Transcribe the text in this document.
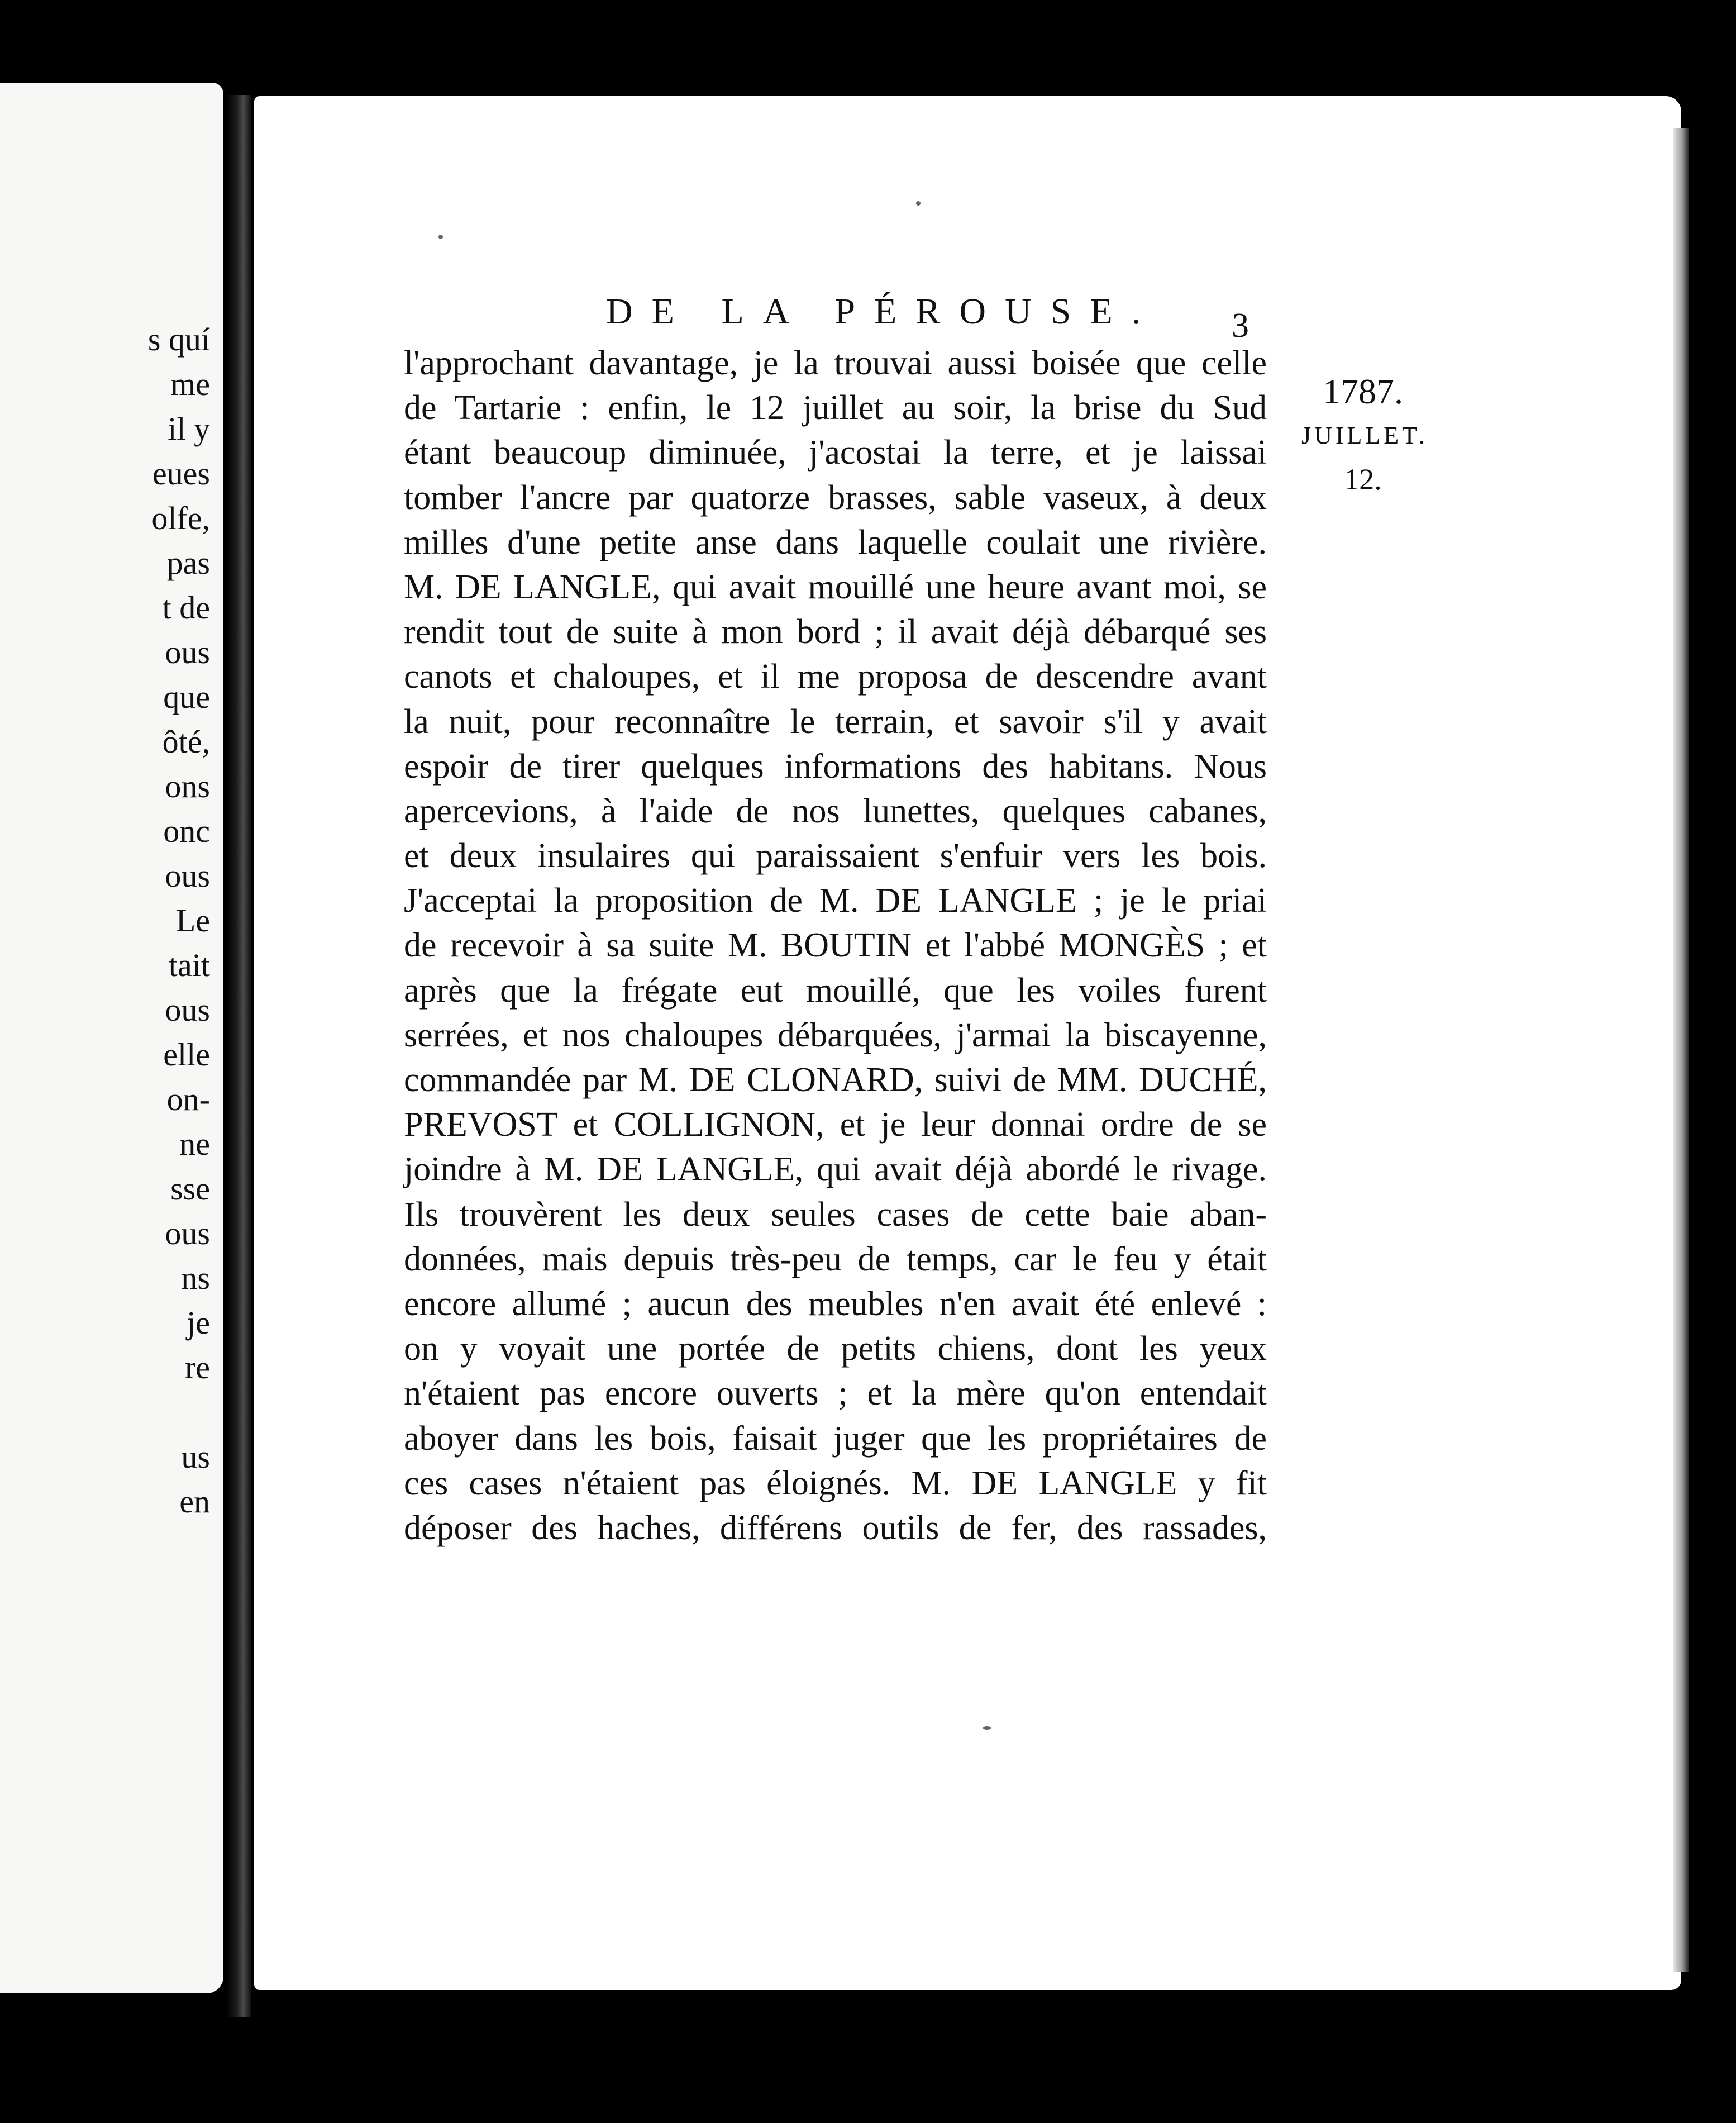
s quí
me
il y
eues
olfe,
pas
t de
ous
que
ôté,
ons
onc
ous
Le
tait
ous
elle
on-
ne
sse
ous
ns
je
re
us
en
DE LA PÉROUSE. 3
1787.
JUILLET.
12.
l'approchant davantage, je la trouvai aussi boisée que celle
de Tartarie : enfin, le 12 juillet au soir, la brise du Sud
étant beaucoup diminuée, j'acostai la terre, et je laissai
tomber l'ancre par quatorze brasses, sable vaseux, à deux
milles d'une petite anse dans laquelle coulait une rivière.
M. DE LANGLE, qui avait mouillé une heure avant moi, se
rendit tout de suite à mon bord ; il avait déjà débarqué ses
canots et chaloupes, et il me proposa de descendre avant
la nuit, pour reconnaître le terrain, et savoir s'il y avait
espoir de tirer quelques informations des habitans. Nous
apercevions, à l'aide de nos lunettes, quelques cabanes,
et deux insulaires qui paraissaient s'enfuir vers les bois.
J'acceptai la proposition de M. DE LANGLE ; je le priai
de recevoir à sa suite M. BOUTIN et l'abbé MONGÈS ; et
après que la frégate eut mouillé, que les voiles furent
serrées, et nos chaloupes débarquées, j'armai la biscayenne,
commandée par M. DE CLONARD, suivi de MM. DUCHÉ,
PREVOST et COLLIGNON, et je leur donnai ordre de se
joindre à M. DE LANGLE, qui avait déjà abordé le rivage.
Ils trouvèrent les deux seules cases de cette baie aban-
données, mais depuis très-peu de temps, car le feu y était
encore allumé ; aucun des meubles n'en avait été enlevé :
on y voyait une portée de petits chiens, dont les yeux
n'étaient pas encore ouverts ; et la mère qu'on entendait
aboyer dans les bois, faisait juger que les propriétaires de
ces cases n'étaient pas éloignés. M. DE LANGLE y fit
déposer des haches, différens outils de fer, des rassades,
